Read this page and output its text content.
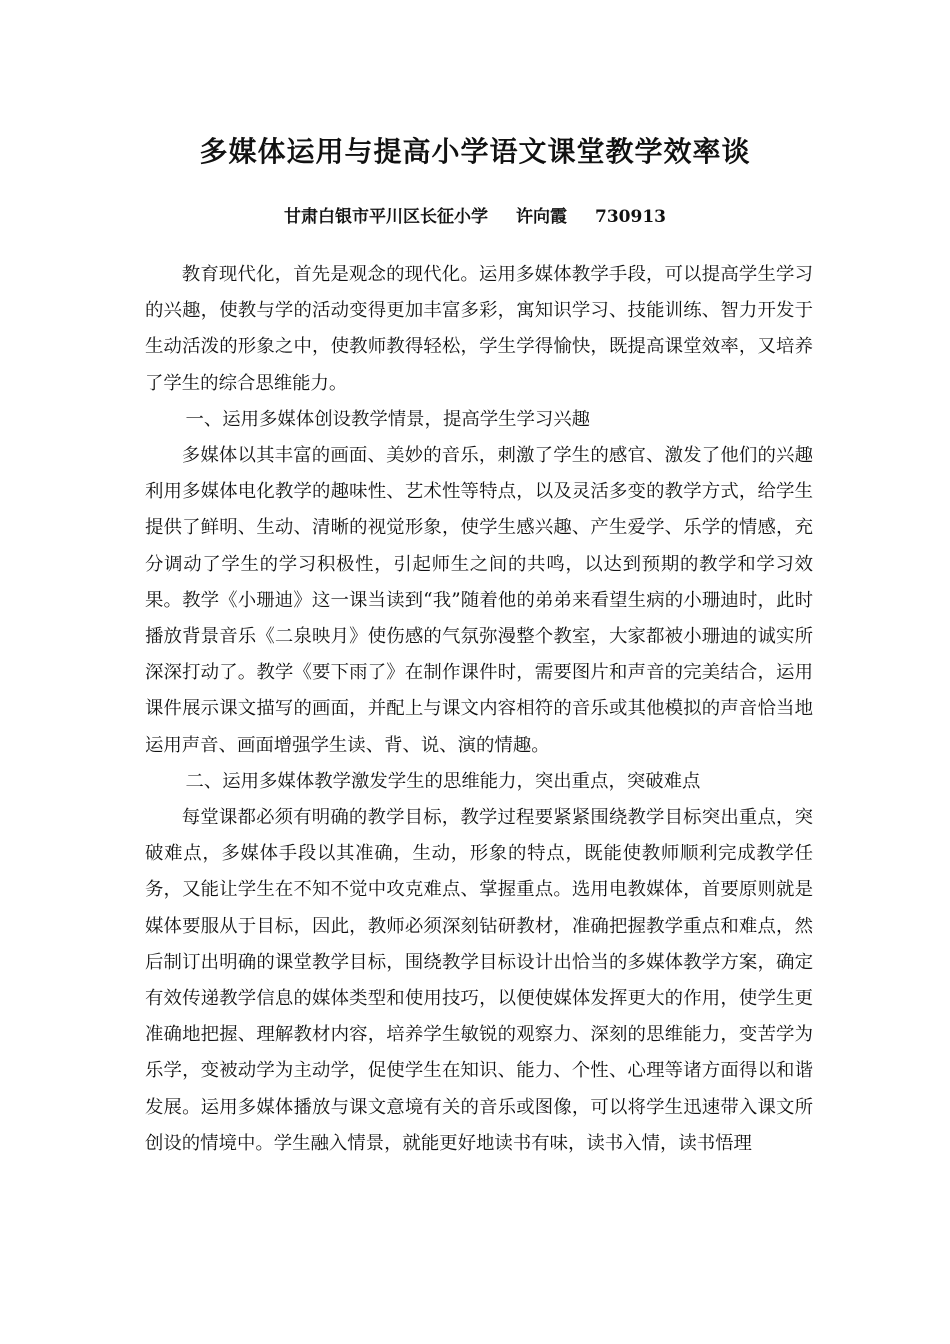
多媒体运用与提高小学语文课堂教学效率谈
甘肃白银市平川区长征小学 许向霞 730913

教育现代化，首先是观念的现代化。运用多媒体教学手段，可以提高学生学习的兴趣，使教与学的活动变得更加丰富多彩，寓知识学习、技能训练、智力开发于生动活泼的形象之中，使教师教得轻松，学生学得愉快，既提高课堂效率，又培养了学生的综合思维能力。

一、运用多媒体创设教学情景，提高学生学习兴趣

多媒体以其丰富的画面、美妙的音乐，刺激了学生的感官、激发了他们的兴趣利用多媒体电化教学的趣味性、艺术性等特点，以及灵活多变的教学方式，给学生提供了鲜明、生动、清晰的视觉形象，使学生感兴趣、产生爱学、乐学的情感，充分调动了学生的学习积极性，引起师生之间的共鸣，以达到预期的教学和学习效果。教学《小珊迪》这一课当读到“我”随着他的弟弟来看望生病的小珊迪时，此时播放背景音乐《二泉映月》使伤感的气氛弥漫整个教室，大家都被小珊迪的诚实所深深打动了。教学《要下雨了》在制作课件时，需要图片和声音的完美结合，运用课件展示课文描写的画面，并配上与课文内容相符的音乐或其他模拟的声音恰当地运用声音、画面增强学生读、背、说、演的情趣。

二、运用多媒体教学激发学生的思维能力，突出重点，突破难点

每堂课都必须有明确的教学目标，教学过程要紧紧围绕教学目标突出重点，突破难点，多媒体手段以其准确，生动，形象的特点，既能使教师顺利完成教学任务，又能让学生在不知不觉中攻克难点、掌握重点。选用电教媒体，首要原则就是媒体要服从于目标，因此，教师必须深刻钻研教材，准确把握教学重点和难点，然后制订出明确的课堂教学目标，围绕教学目标设计出恰当的多媒体教学方案，确定有效传递教学信息的媒体类型和使用技巧，以便使媒体发挥更大的作用，使学生更准确地把握、理解教材内容，培养学生敏锐的观察力、深刻的思维能力，变苦学为乐学，变被动学为主动学，促使学生在知识、能力、个性、心理等诸方面得以和谐发展。运用多媒体播放与课文意境有关的音乐或图像，可以将学生迅速带入课文所创设的情境中。学生融入情景，就能更好地读书有味，读书入情，读书悟理
